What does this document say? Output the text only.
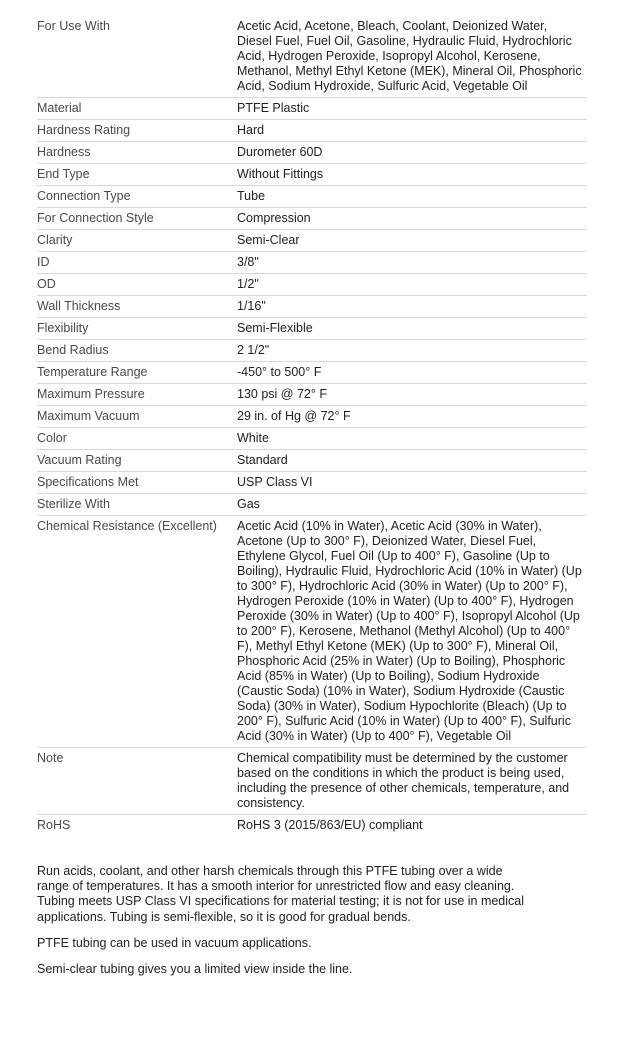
For Use With	Acetic Acid, Acetone, Bleach, Coolant, Deionized Water, Diesel Fuel, Fuel Oil, Gasoline, Hydraulic Fluid, Hydrochloric Acid, Hydrogen Peroxide, Isopropyl Alcohol, Kerosene, Methanol, Methyl Ethyl Ketone (MEK), Mineral Oil, Phosphoric Acid, Sodium Hydroxide, Sulfuric Acid, Vegetable Oil
Material	PTFE Plastic
Hardness Rating	Hard
Hardness	Durometer 60D
End Type	Without Fittings
Connection Type	Tube
For Connection Style	Compression
Clarity	Semi-Clear
ID	3/8"
OD	1/2"
Wall Thickness	1/16"
Flexibility	Semi-Flexible
Bend Radius	2 1/2"
Temperature Range	-450° to 500° F
Maximum Pressure	130 psi @ 72° F
Maximum Vacuum	29 in. of Hg @ 72° F
Color	White
Vacuum Rating	Standard
Specifications Met	USP Class VI
Sterilize With	Gas
Chemical Resistance (Excellent)	Acetic Acid (10% in Water), Acetic Acid (30% in Water), Acetone (Up to 300° F), Deionized Water, Diesel Fuel, Ethylene Glycol, Fuel Oil (Up to 400° F), Gasoline (Up to Boiling), Hydraulic Fluid, Hydrochloric Acid (10% in Water) (Up to 300° F), Hydrochloric Acid (30% in Water) (Up to 200° F), Hydrogen Peroxide (10% in Water) (Up to 400° F), Hydrogen Peroxide (30% in Water) (Up to 400° F), Isopropyl Alcohol (Up to 200° F), Kerosene, Methanol (Methyl Alcohol) (Up to 400° F), Methyl Ethyl Ketone (MEK) (Up to 300° F), Mineral Oil, Phosphoric Acid (25% in Water) (Up to Boiling), Phosphoric Acid (85% in Water) (Up to Boiling), Sodium Hydroxide (Caustic Soda) (10% in Water), Sodium Hydroxide (Caustic Soda) (30% in Water), Sodium Hypochlorite (Bleach) (Up to 200° F), Sulfuric Acid (10% in Water) (Up to 400° F), Sulfuric Acid (30% in Water) (Up to 400° F), Vegetable Oil
Note	Chemical compatibility must be determined by the customer based on the conditions in which the product is being used, including the presence of other chemicals, temperature, and consistency.
RoHS	RoHS 3 (2015/863/EU) compliant

Run acids, coolant, and other harsh chemicals through this PTFE tubing over a wide range of temperatures. It has a smooth interior for unrestricted flow and easy cleaning. Tubing meets USP Class VI specifications for material testing; it is not for use in medical applications. Tubing is semi-flexible, so it is good for gradual bends.

PTFE tubing can be used in vacuum applications.

Semi-clear tubing gives you a limited view inside the line.
